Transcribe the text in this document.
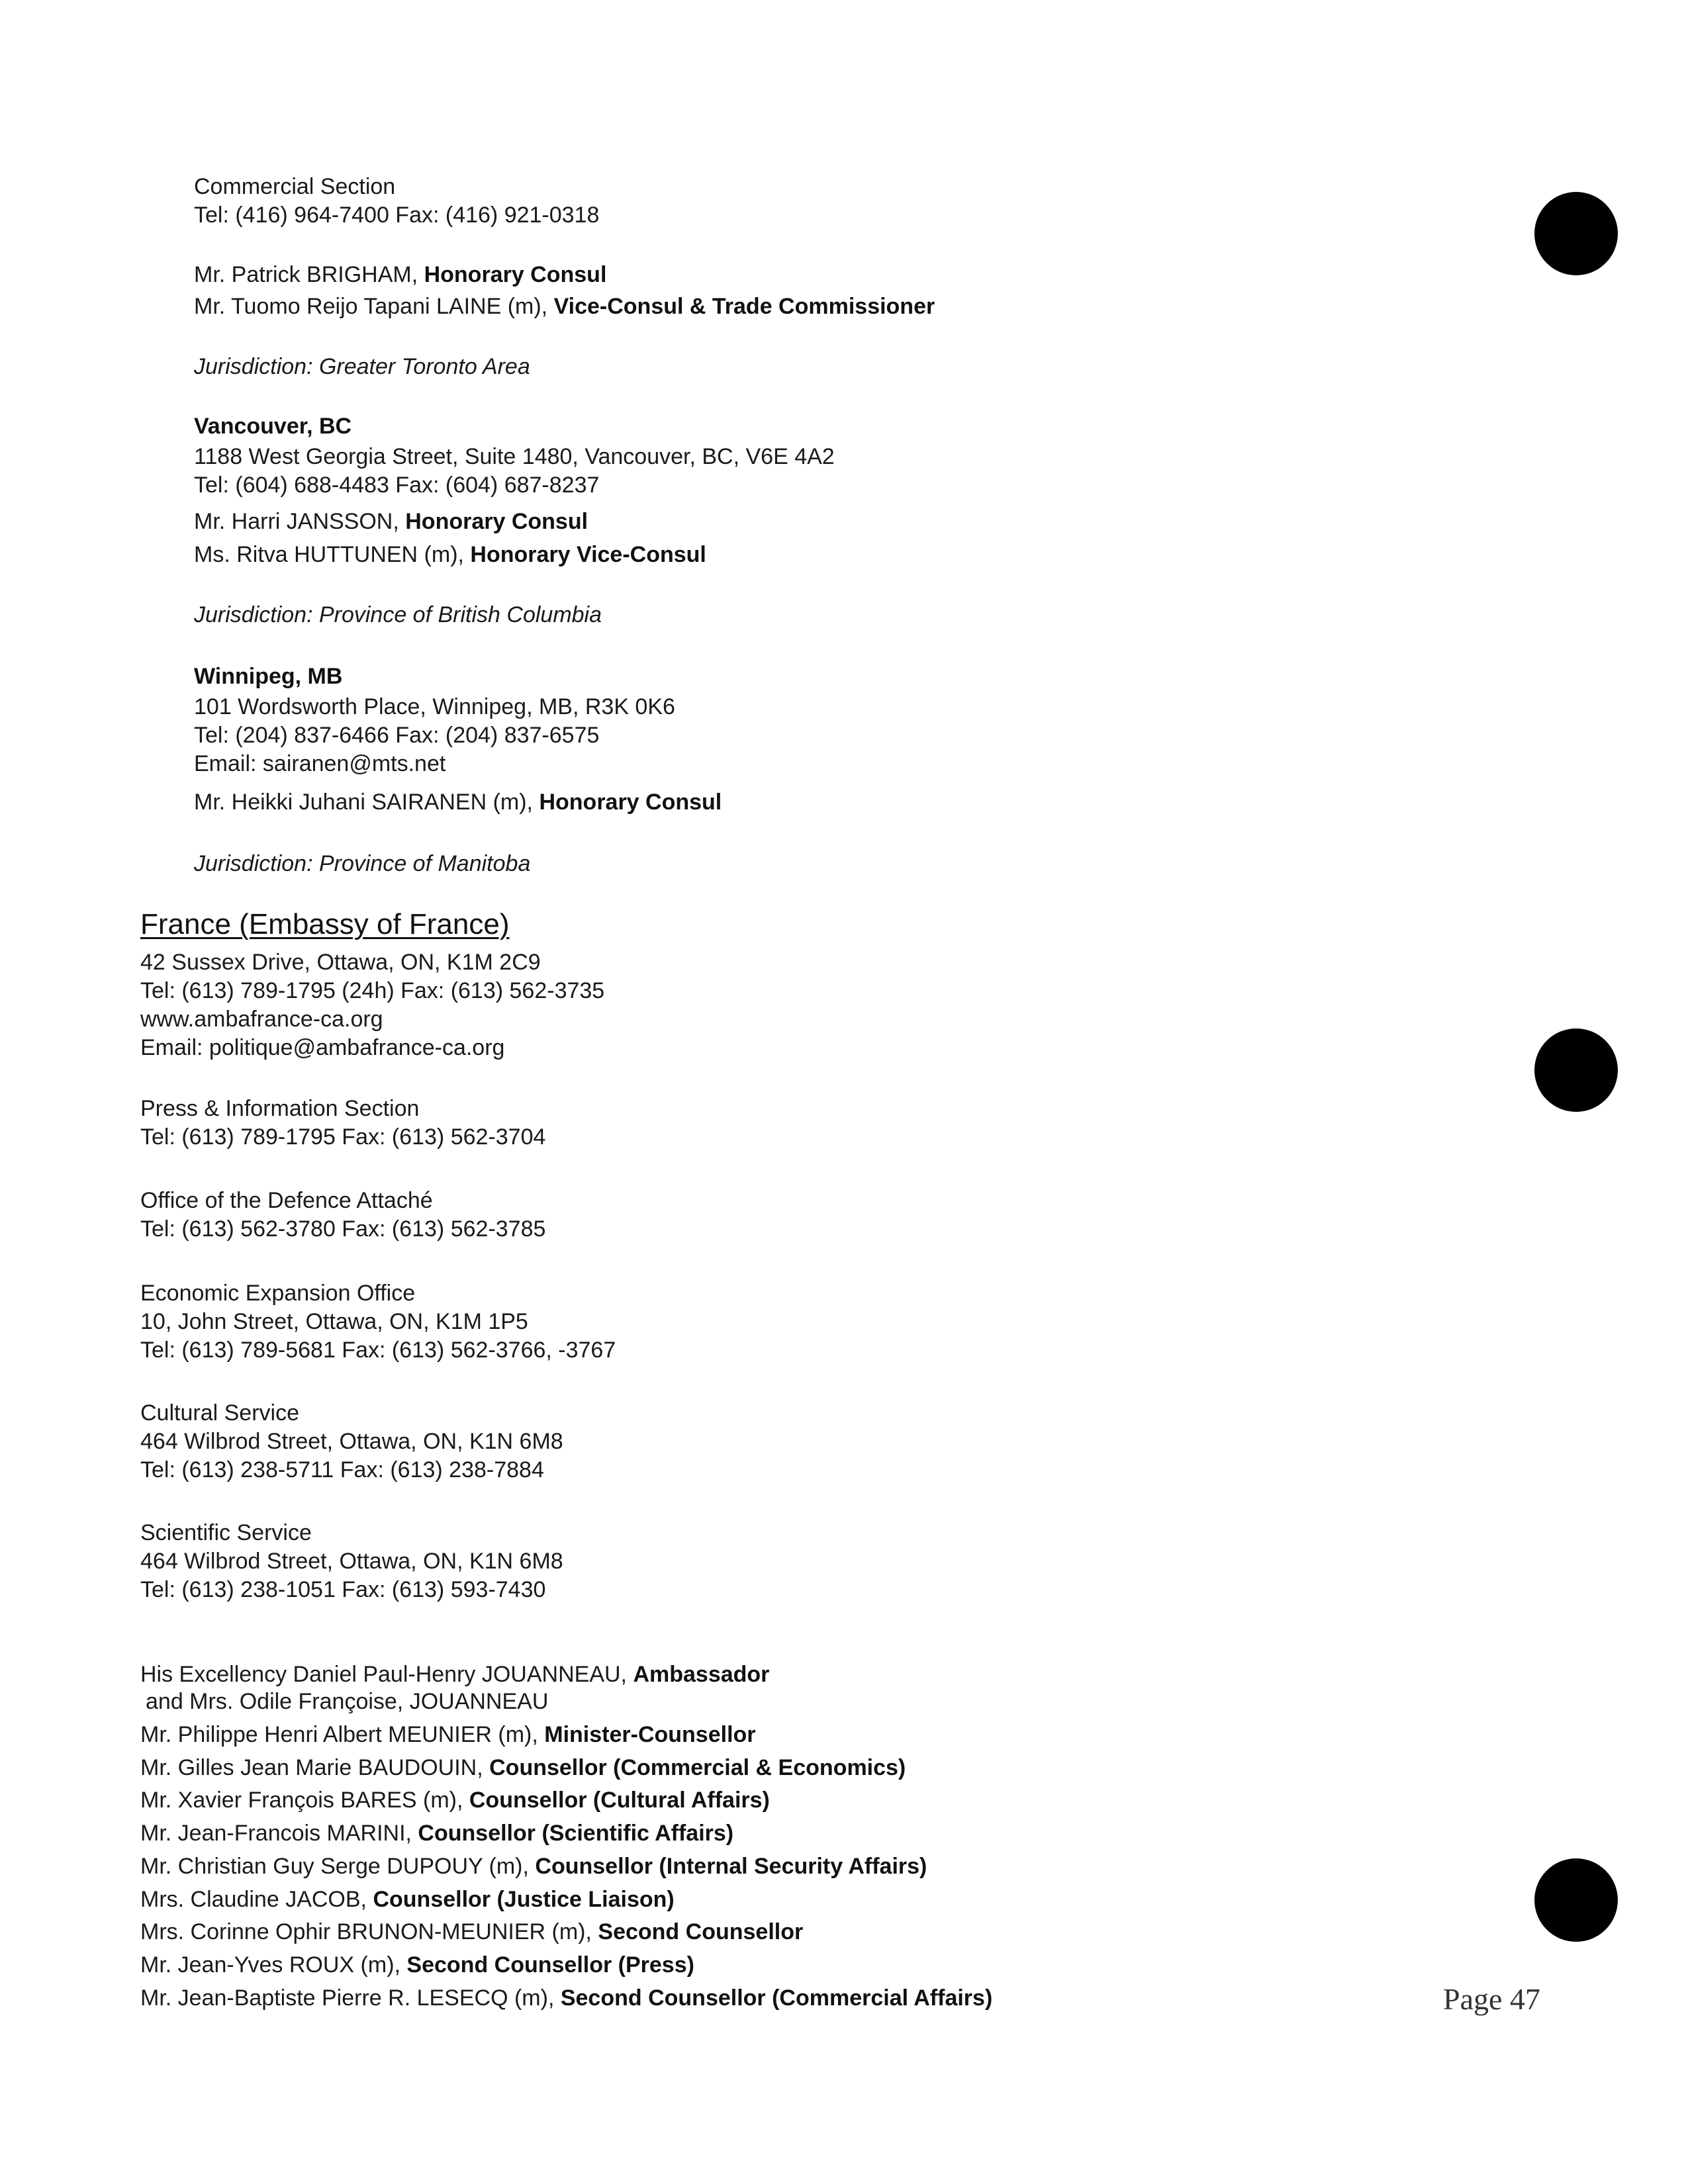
Commercial Section
Tel: (416) 964-7400 Fax: (416) 921-0318
Mr. Patrick BRIGHAM, Honorary Consul
Mr. Tuomo Reijo Tapani LAINE (m), Vice-Consul & Trade Commissioner
Jurisdiction: Greater Toronto Area
Vancouver, BC
1188 West Georgia Street, Suite 1480, Vancouver, BC, V6E 4A2
Tel: (604) 688-4483 Fax: (604) 687-8237
Mr. Harri JANSSON, Honorary Consul
Ms. Ritva HUTTUNEN (m), Honorary Vice-Consul
Jurisdiction: Province of British Columbia
Winnipeg, MB
101 Wordsworth Place, Winnipeg, MB, R3K 0K6
Tel: (204) 837-6466 Fax: (204) 837-6575
Email: sairanen@mts.net
Mr. Heikki Juhani SAIRANEN (m), Honorary Consul
Jurisdiction: Province of Manitoba
France (Embassy of France)
42 Sussex Drive, Ottawa, ON, K1M 2C9
Tel: (613) 789-1795 (24h) Fax: (613) 562-3735
www.ambafrance-ca.org
Email: politique@ambafrance-ca.org
Press & Information Section
Tel: (613) 789-1795 Fax: (613) 562-3704
Office of the Defence Attaché
Tel: (613) 562-3780 Fax: (613) 562-3785
Economic Expansion Office
10, John Street, Ottawa, ON, K1M 1P5
Tel: (613) 789-5681 Fax: (613) 562-3766, -3767
Cultural Service
464 Wilbrod Street, Ottawa, ON, K1N 6M8
Tel: (613) 238-5711 Fax: (613) 238-7884
Scientific Service
464 Wilbrod Street, Ottawa, ON, K1N 6M8
Tel: (613) 238-1051 Fax: (613) 593-7430
His Excellency Daniel Paul-Henry JOUANNEAU, Ambassador
and Mrs. Odile Françoise, JOUANNEAU
Mr. Philippe Henri Albert MEUNIER (m), Minister-Counsellor
Mr. Gilles Jean Marie BAUDOUIN, Counsellor (Commercial & Economics)
Mr. Xavier François BARES (m), Counsellor (Cultural Affairs)
Mr. Jean-Francois MARINI, Counsellor (Scientific Affairs)
Mr. Christian Guy Serge DUPOUY (m), Counsellor (Internal Security Affairs)
Mrs. Claudine JACOB, Counsellor (Justice Liaison)
Mrs. Corinne Ophir BRUNON-MEUNIER (m), Second Counsellor
Mr. Jean-Yves ROUX (m), Second Counsellor (Press)
Mr. Jean-Baptiste Pierre R. LESECQ (m), Second Counsellor (Commercial Affairs)	Page 47
